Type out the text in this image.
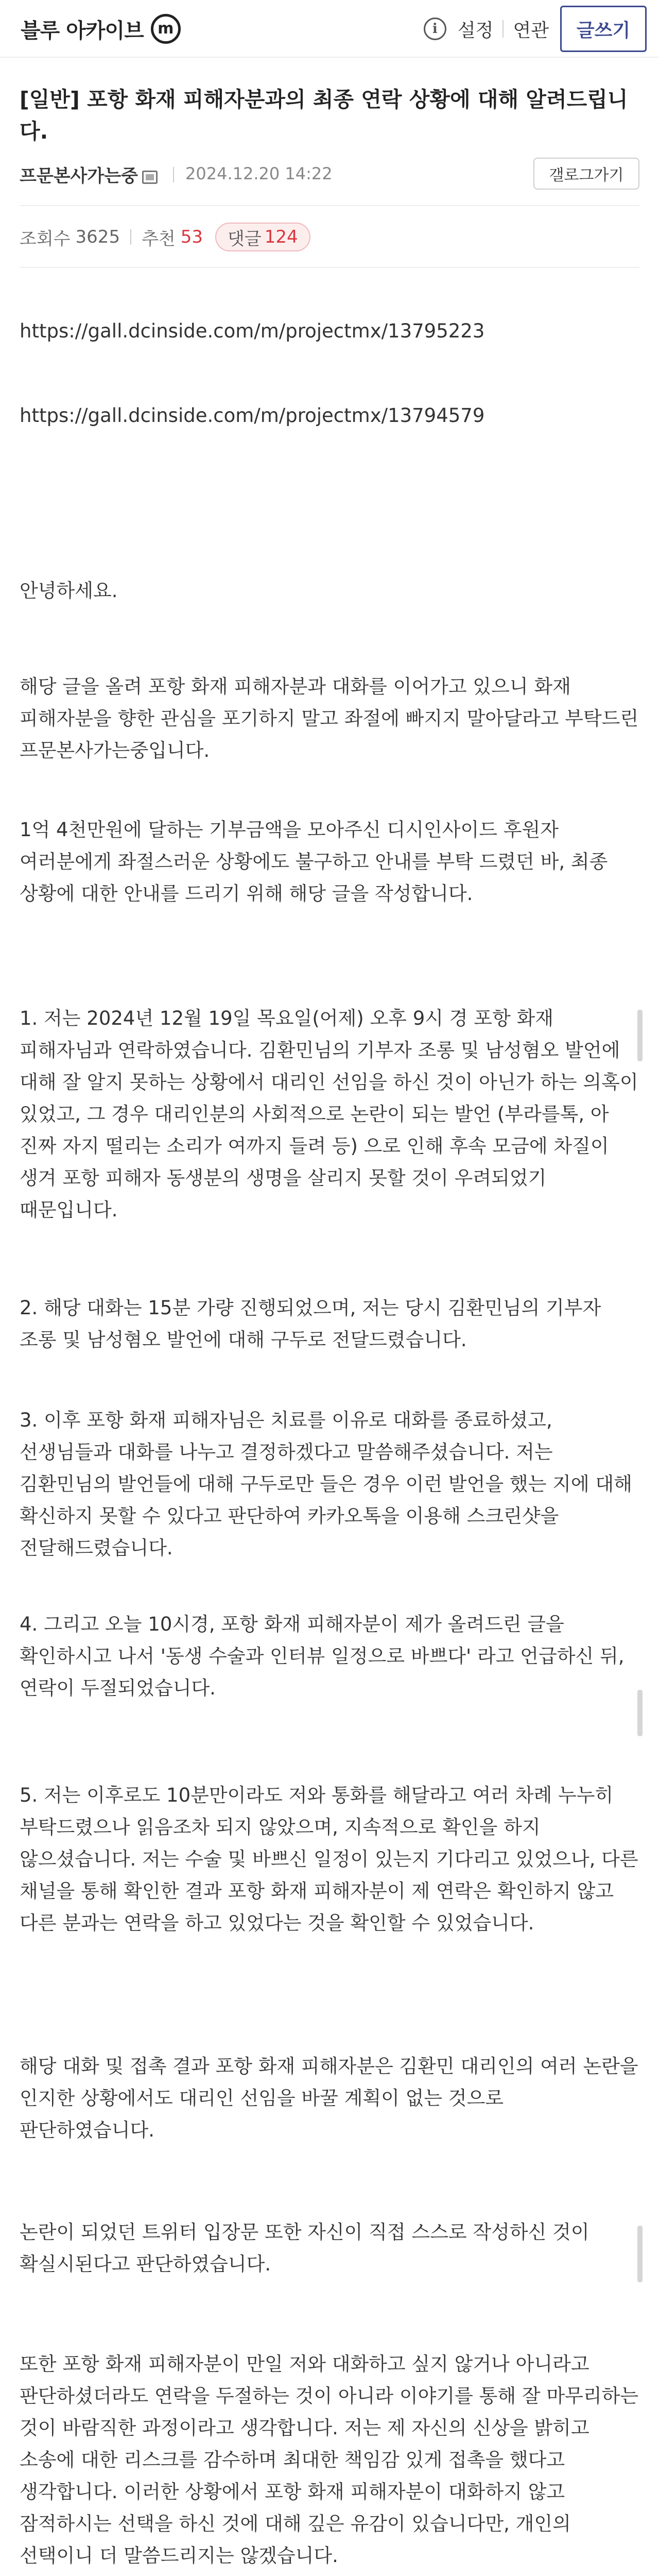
블루 아카이브 m	i	설정 연관	글쓰기
[일반] 포항 화재 피해자분과의 최종 연락 상황에 대해 알려드립니다.
프문본사가는중	2024.12.20 14:22	갤로그가기
조회수 3625 추천 53 댓글 124

https://gall.dcinside.com/m/projectmx/13795223

https://gall.dcinside.com/m/projectmx/13794579

안녕하세요.

해당 글을 올려 포항 화재 피해자분과 대화를 이어가고 있으니 화재 피해자분을 향한 관심을 포기하지 말고 좌절에 빠지지 말아달라고 부탁드린 프문본사가는중입니다.

1억 4천만원에 달하는 기부금액을 모아주신 디시인사이드 후원자 여러분에게 좌절스러운 상황에도 불구하고 안내를 부탁 드렸던 바, 최종 상황에 대한 안내를 드리기 위해 해당 글을 작성합니다.

1. 저는 2024년 12월 19일 목요일(어제) 오후 9시 경 포항 화재 피해자님과 연락하였습니다. 김환민님의 기부자 조롱 및 남성혐오 발언에 대해 잘 알지 못하는 상황에서 대리인 선임을 하신 것이 아닌가 하는 의혹이 있었고, 그 경우 대리인분의 사회적으로 논란이 되는 발언 (부라를톡, 아 진짜 자지 떨리는 소리가 여까지 들려 등) 으로 인해 후속 모금에 차질이 생겨 포항 피해자 동생분의 생명을 살리지 못할 것이 우려되었기 때문입니다.

2. 해당 대화는 15분 가량 진행되었으며, 저는 당시 김환민님의 기부자 조롱 및 남성혐오 발언에 대해 구두로 전달드렸습니다.

3. 이후 포항 화재 피해자님은 치료를 이유로 대화를 종료하셨고, 선생님들과 대화를 나누고 결정하겠다고 말씀해주셨습니다. 저는 김환민님의 발언들에 대해 구두로만 들은 경우 이런 발언을 했는 지에 대해 확신하지 못할 수 있다고 판단하여 카카오톡을 이용해 스크린샷을 전달해드렸습니다.

4. 그리고 오늘 10시경, 포항 화재 피해자분이 제가 올려드린 글을 확인하시고 나서 '동생 수술과 인터뷰 일정으로 바쁘다' 라고 언급하신 뒤, 연락이 두절되었습니다.

5. 저는 이후로도 10분만이라도 저와 통화를 해달라고 여러 차례 누누히 부탁드렸으나 읽음조차 되지 않았으며, 지속적으로 확인을 하지 않으셨습니다. 저는 수술 및 바쁘신 일정이 있는지 기다리고 있었으나, 다른 채널을 통해 확인한 결과 포항 화재 피해자분이 제 연락은 확인하지 않고 다른 분과는 연락을 하고 있었다는 것을 확인할 수 있었습니다.

해당 대화 및 접촉 결과 포항 화재 피해자분은 김환민 대리인의 여러 논란을 인지한 상황에서도 대리인 선임을 바꿀 계획이 없는 것으로 판단하였습니다.

논란이 되었던 트위터 입장문 또한 자신이 직접 스스로 작성하신 것이 확실시된다고 판단하였습니다.

또한 포항 화재 피해자분이 만일 저와 대화하고 싶지 않거나 아니라고 판단하셨더라도 연락을 두절하는 것이 아니라 이야기를 통해 잘 마무리하는 것이 바람직한 과정이라고 생각합니다. 저는 제 자신의 신상을 밝히고 소송에 대한 리스크를 감수하며 최대한 책임감 있게 접촉을 했다고 생각합니다. 이러한 상황에서 포항 화재 피해자분이 대화하지 않고 잠적하시는 선택을 하신 것에 대해 깊은 유감이 있습니다만, 개인의 선택이니 더 말씀드리지는 않겠습니다.
